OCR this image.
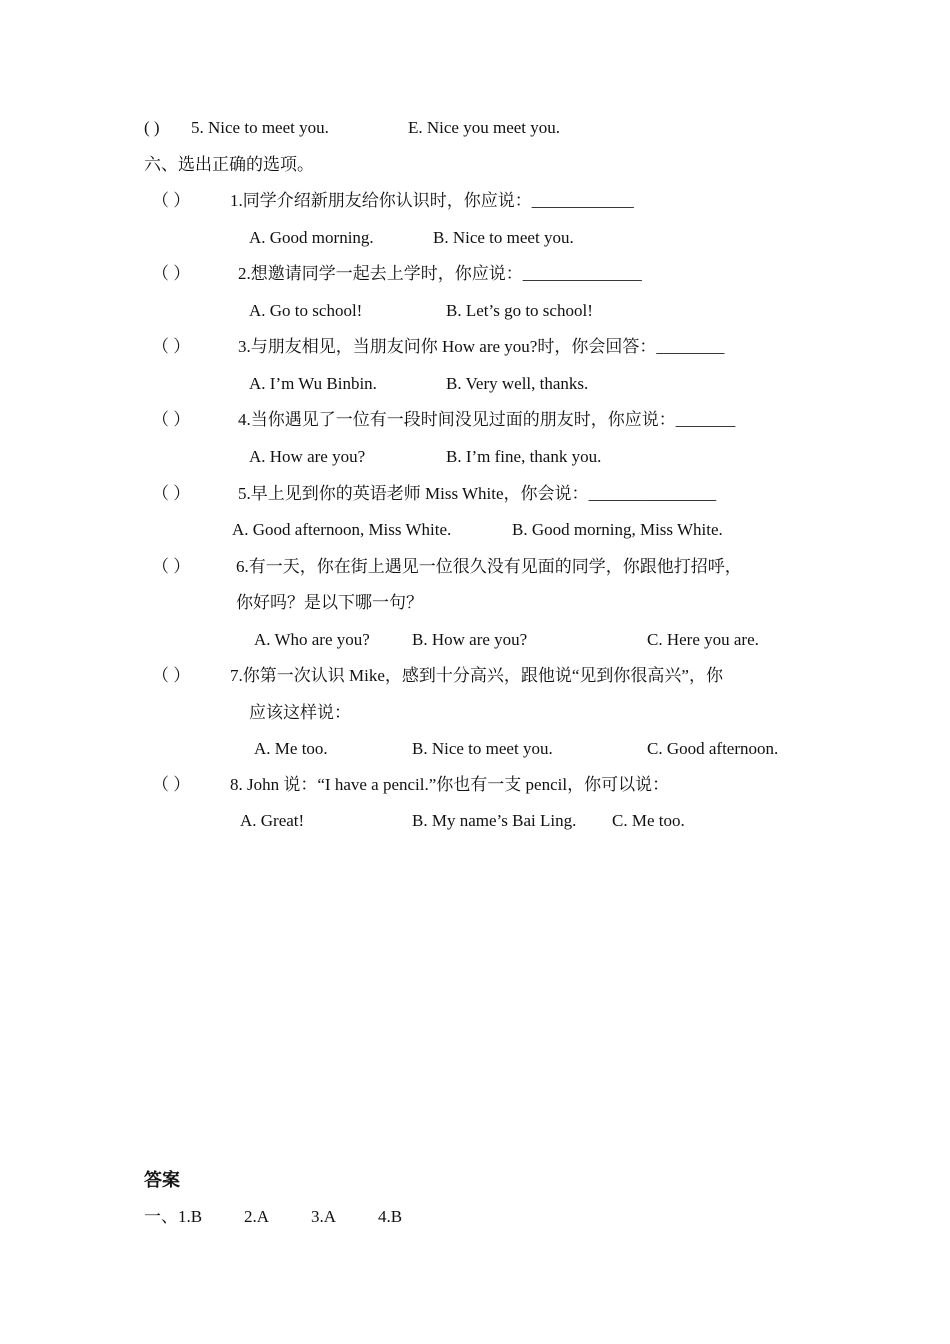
( ) 5. Nice to meet you.	E. Nice you meet you.
六、选出正确的选项。
（ ） 1.同学介绍新朋友给你认识时，你应说：____________
A. Good morning.	B. Nice to meet you.
（ ）	2.想邀请同学一起去上学时，你应说：______________
A. Go to school!	B. Let’s go to school!
（ ）	3.与朋友相见，当朋友问你 How are you?时，你会回答：________
A. I’m Wu Binbin.	B. Very well, thanks.
（ ）	4.当你遇见了一位有一段时间没见过面的朋友时，你应说：_______
A. How are you?	B. I’m fine, thank you.
（ ）	5.早上见到你的英语老师 Miss White，你会说：_______________
A. Good afternoon, Miss White.	B. Good morning, Miss White.
（ ）	6.有一天，你在街上遇见一位很久没有见面的同学，你跟他打招呼，
你好吗？是以下哪一句？
A. Who are you? B. How are you?	C. Here you are.
（ ） 7.你第一次认识 Mike，感到十分高兴，跟他说“见到你很高兴”，你
应该这样说：
A. Me too.	B. Nice to meet you.	C. Good afternoon.
（ ） 8. John 说：“I have a pencil.”你也有一支 pencil，你可以说：
A. Great!	B. My name’s Bai Ling. C. Me too.
答案
一、1.B 2.A 3.A 4.B
